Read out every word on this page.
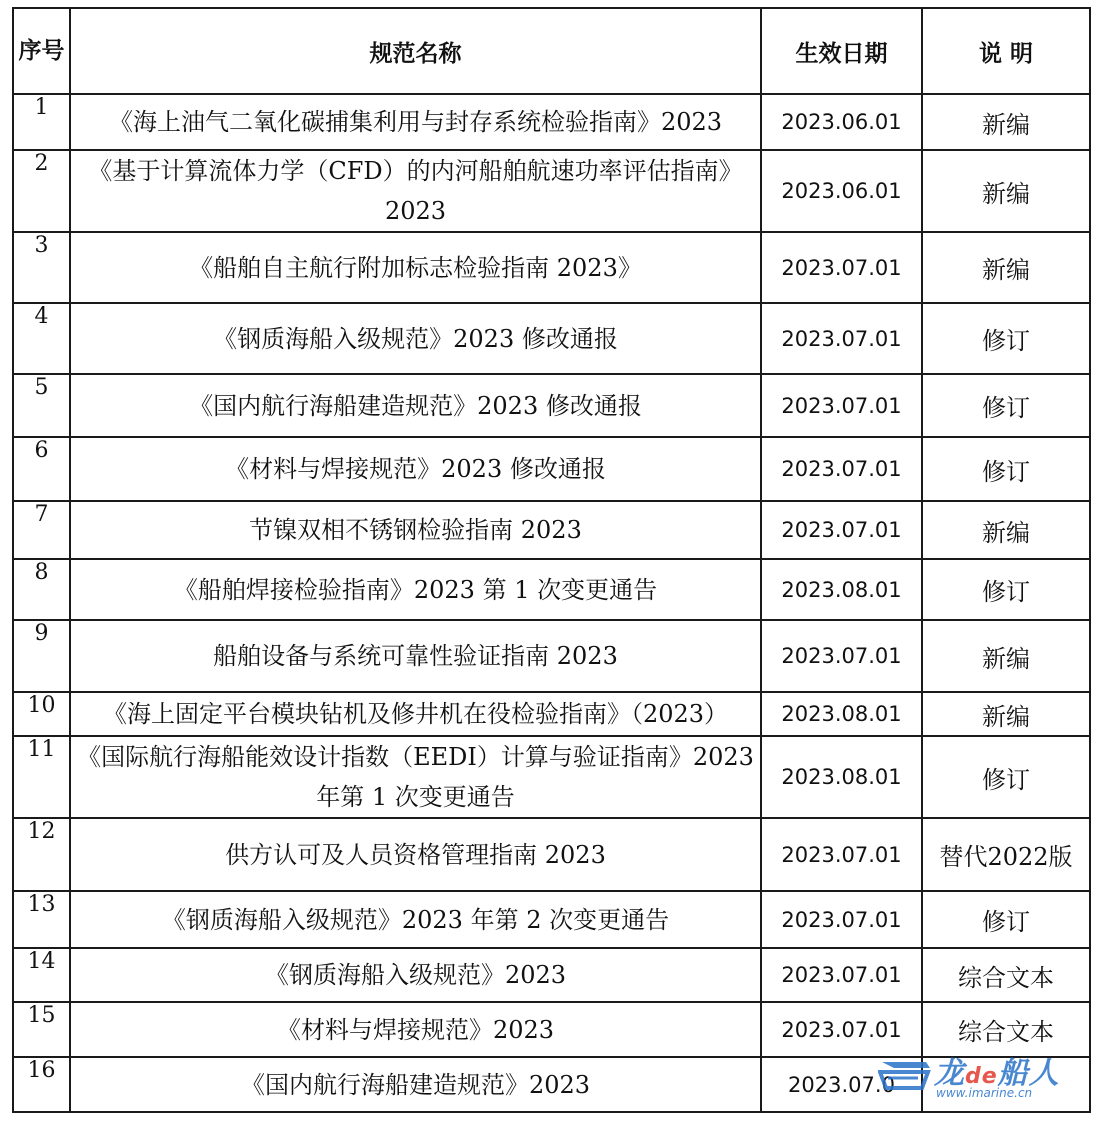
序号	规范名称	生效日期	说 明
1	《海上油气二氧化碳捕集利用与封存系统检验指南》2023	2023.06.01	新编
2	《基于计算流体力学（CFD）的内河船舶航速功率评估指南》2023	2023.06.01	新编
3	《船舶自主航行附加标志检验指南 2023》	2023.07.01	新编
4	《钢质海船入级规范》2023 修改通报	2023.07.01	修订
5	《国内航行海船建造规范》2023 修改通报	2023.07.01	修订
6	《材料与焊接规范》2023 修改通报	2023.07.01	修订
7	节镍双相不锈钢检验指南 2023	2023.07.01	新编
8	《船舶焊接检验指南》2023 第 1 次变更通告	2023.08.01	修订
9	船舶设备与系统可靠性验证指南 2023	2023.07.01	新编
10	《海上固定平台模块钻机及修井机在役检验指南》（2023）	2023.08.01	新编
11	《国际航行海船能效设计指数（EEDI）计算与验证指南》2023 年第 1 次变更通告	2023.08.01	修订
12	供方认可及人员资格管理指南 2023	2023.07.01	替代2022版
13	《钢质海船入级规范》2023 年第 2 次变更通告	2023.07.01	修订
14	《钢质海船入级规范》2023	2023.07.01	综合文本
15	《材料与焊接规范》2023	2023.07.01	综合文本
16	《国内航行海船建造规范》2023	2023.07.0	龙de船人
www.imarine.cn
